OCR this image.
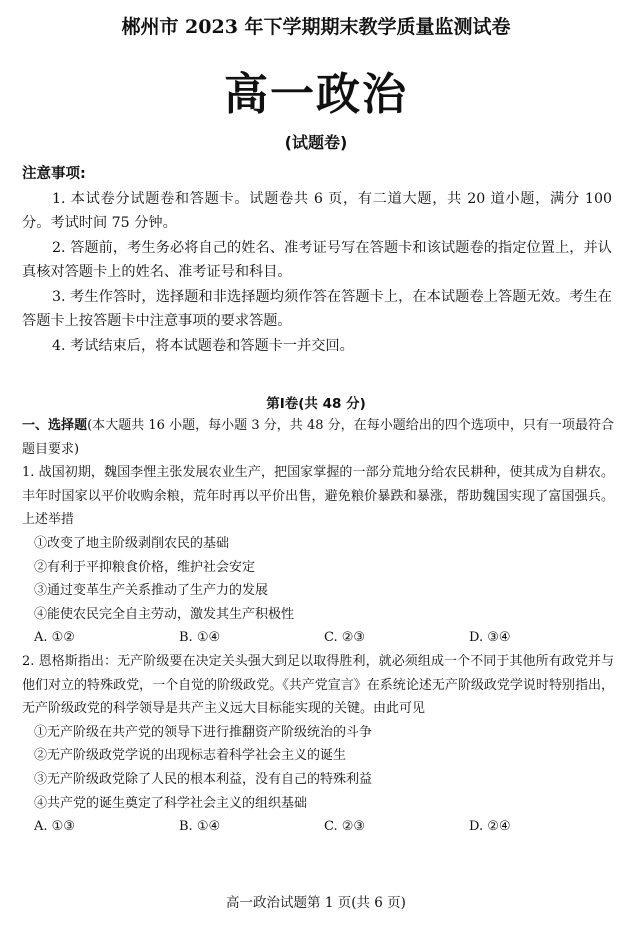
郴州市 2023 年下学期期末教学质量监测试卷
高一政治
(试题卷)
注意事项:
1. 本试卷分试题卷和答题卡。试题卷共 6 页，有二道大题，共 20 道小题，满分 100 分。考试时间 75 分钟。
2. 答题前，考生务必将自己的姓名、准考证号写在答题卡和该试题卷的指定位置上，并认真核对答题卡上的姓名、准考证号和科目。
3. 考生作答时，选择题和非选择题均须作答在答题卡上，在本试题卷上答题无效。考生在答题卡上按答题卡中注意事项的要求答题。
4. 考试结束后，将本试题卷和答题卡一并交回。
第Ⅰ卷(共 48 分)

一、选择题(本大题共 16 小题，每小题 3 分，共 48 分，在每小题给出的四个选项中，只有一项最符合题目要求)

1. 战国初期，魏国李悝主张发展农业生产，把国家掌握的一部分荒地分给农民耕种，使其成为自耕农。丰年时国家以平价收购余粮，荒年时再以平价出售，避免粮价暴跌和暴涨，帮助魏国实现了富国强兵。上述举措

①改变了地主阶级剥削农民的基础

②有利于平抑粮食价格，维护社会安定

③通过变革生产关系推动了生产力的发展

④能使农民完全自主劳动，激发其生产积极性

A. ①②	B. ①④	C. ②③	D. ③④

2. 恩格斯指出：无产阶级要在决定关头强大到足以取得胜利，就必须组成一个不同于其他所有政党并与他们对立的特殊政党，一个自觉的阶级政党。《共产党宣言》在系统论述无产阶级政党学说时特别指出，无产阶级政党的科学领导是共产主义远大目标能实现的关键。由此可见

①无产阶级在共产党的领导下进行推翻资产阶级统治的斗争

②无产阶级政党学说的出现标志着科学社会主义的诞生

③无产阶级政党除了人民的根本利益，没有自己的特殊利益

④共产党的诞生奠定了科学社会主义的组织基础

A. ①③	B. ①④	C. ②③	D. ②④
高一政治试题第 1 页(共 6 页)
